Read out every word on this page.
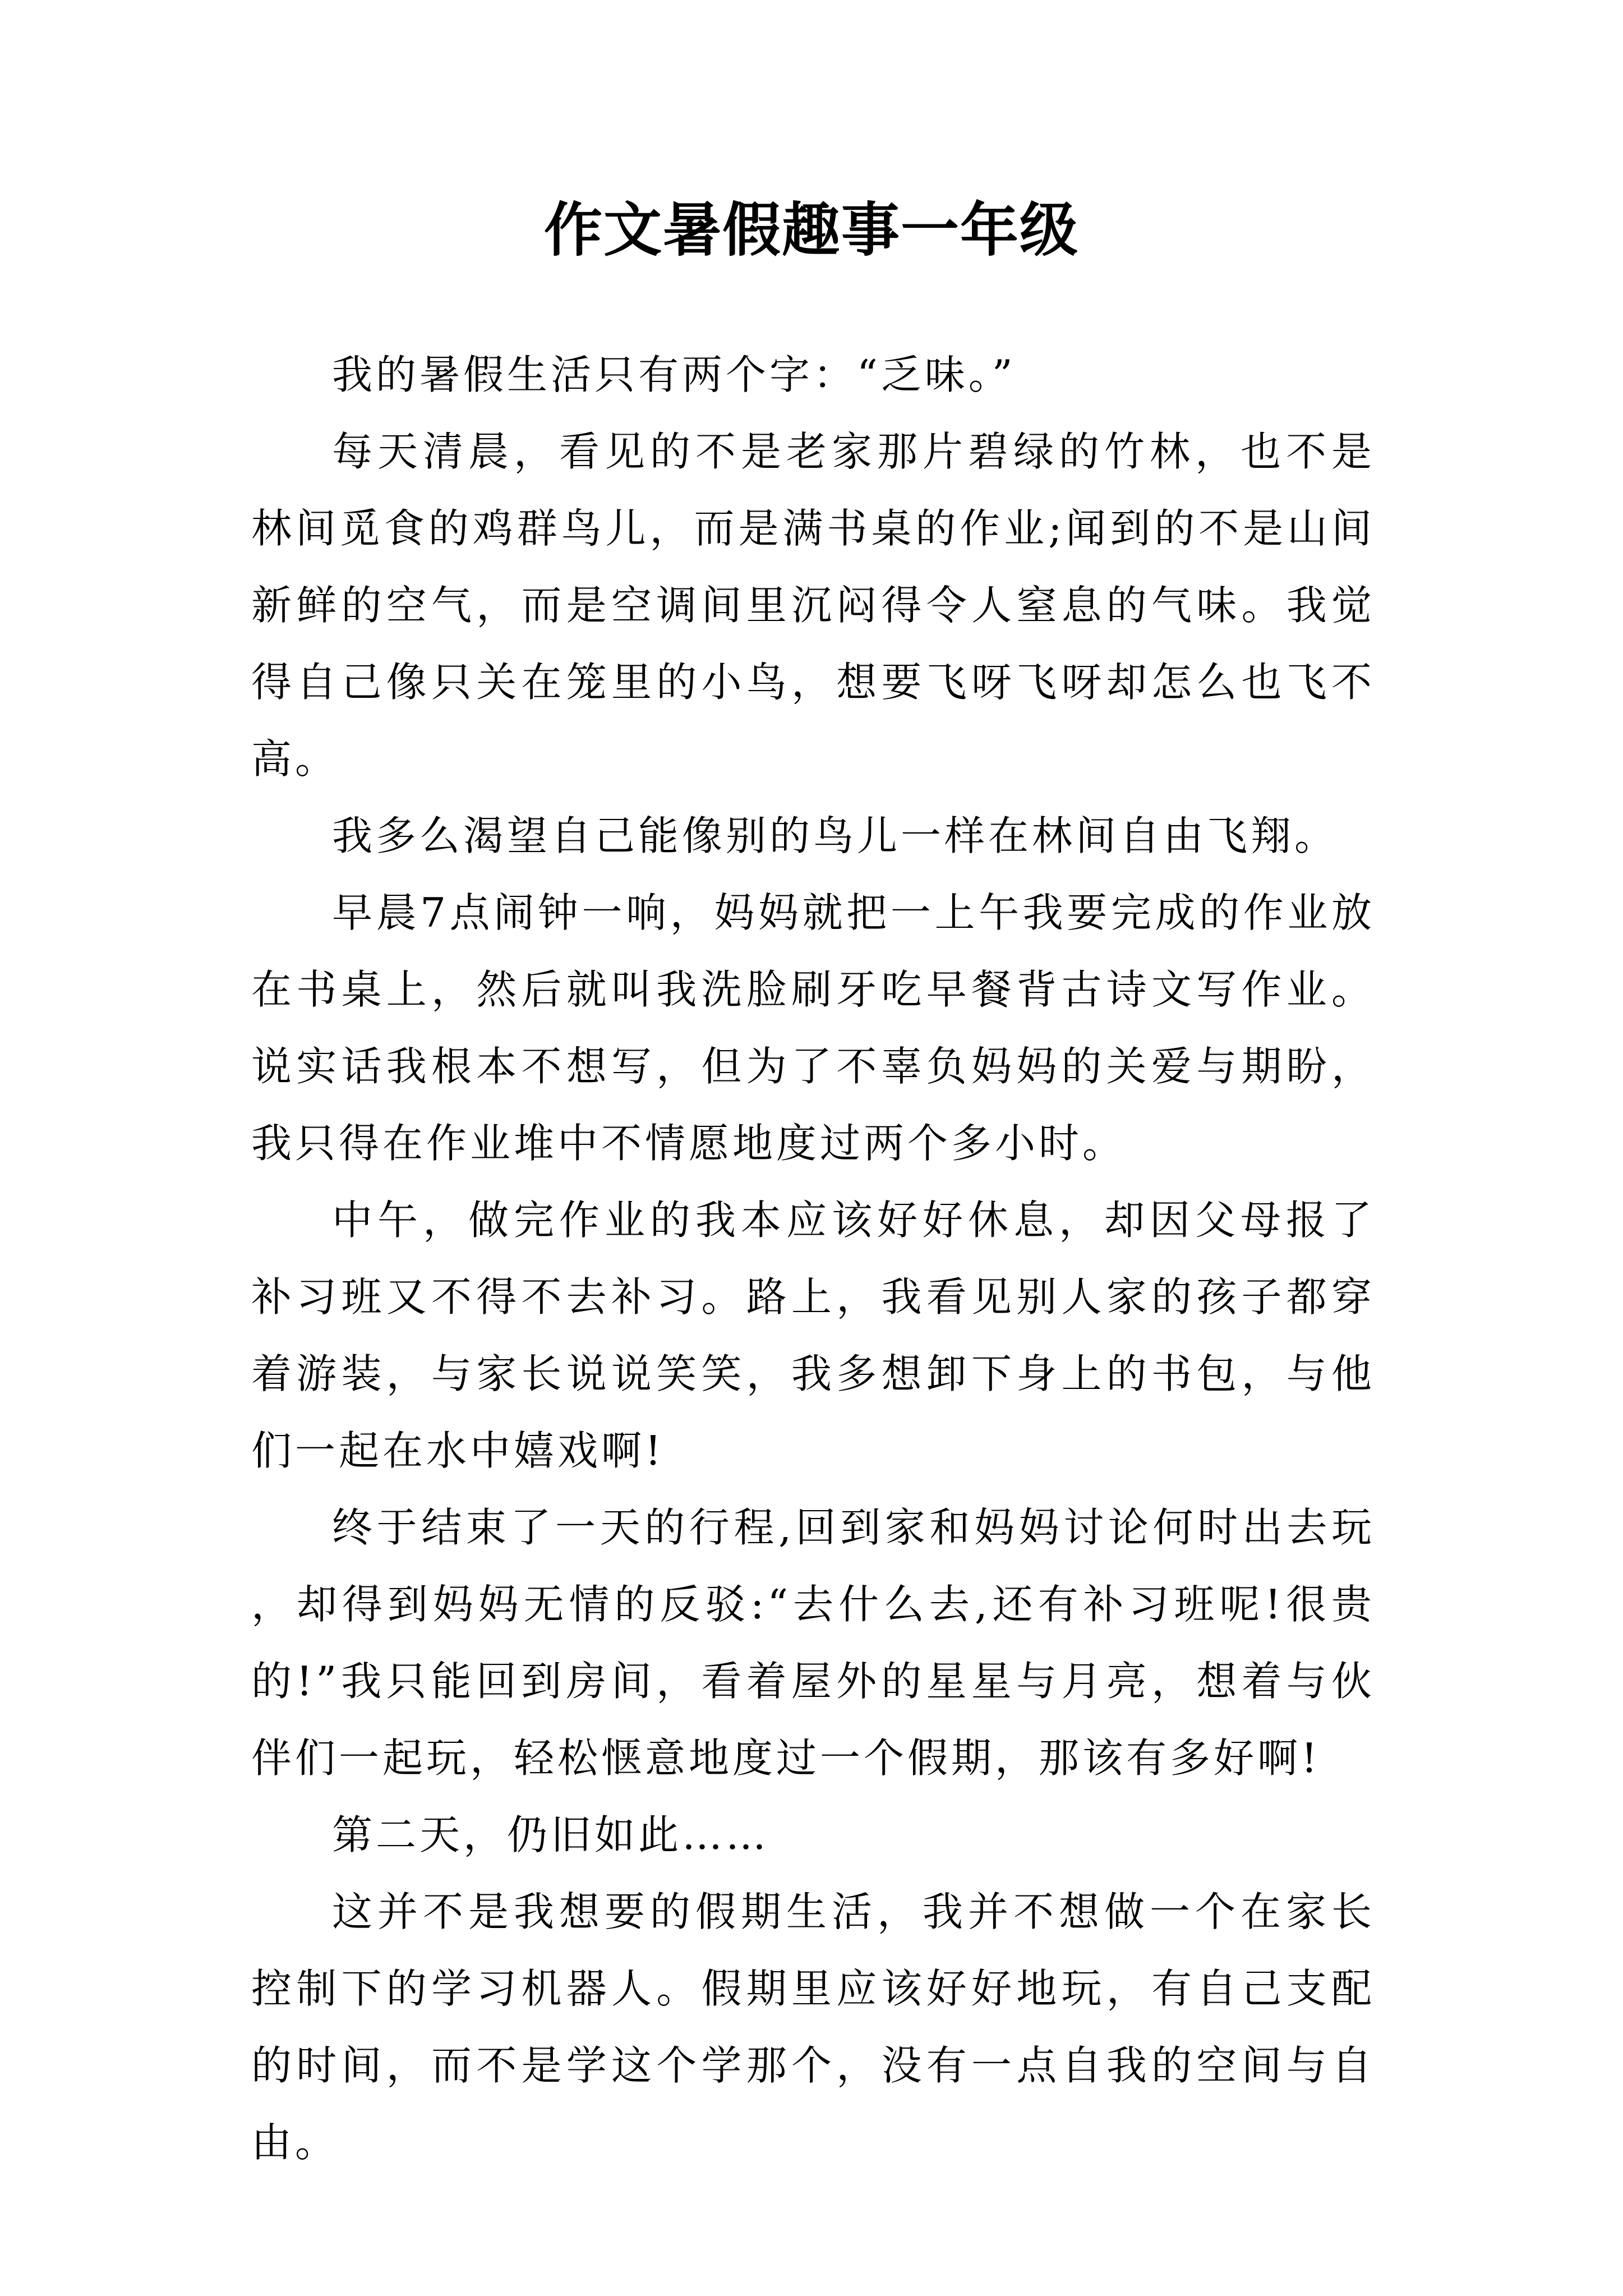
作文暑假趣事一年级

我的暑假生活只有两个字：“乏味。”

每天清晨，看见的不是老家那片碧绿的竹林，也不是林间觅食的鸡群鸟儿，而是满书桌的作业;闻到的不是山间新鲜的空气，而是空调间里沉闷得令人窒息的气味。我觉得自己像只关在笼里的小鸟，想要飞呀飞呀却怎么也飞不高。

我多么渴望自己能像别的鸟儿一样在林间自由飞翔。

早晨7点闹钟一响，妈妈就把一上午我要完成的作业放在书桌上，然后就叫我洗脸刷牙吃早餐背古诗文写作业。说实话我根本不想写，但为了不辜负妈妈的关爱与期盼，我只得在作业堆中不情愿地度过两个多小时。

中午，做完作业的我本应该好好休息，却因父母报了补习班又不得不去补习。路上，我看见别人家的孩子都穿着游装，与家长说说笑笑，我多想卸下身上的书包，与他们一起在水中嬉戏啊!

终于结束了一天的行程,回到家和妈妈讨论何时出去玩，却得到妈妈无情的反驳:“去什么去,还有补习班呢!很贵的!”我只能回到房间，看着屋外的星星与月亮，想着与伙伴们一起玩，轻松惬意地度过一个假期，那该有多好啊!

第二天，仍旧如此……

这并不是我想要的假期生活，我并不想做一个在家长控制下的学习机器人。假期里应该好好地玩，有自己支配的时间，而不是学这个学那个，没有一点自我的空间与自由。
